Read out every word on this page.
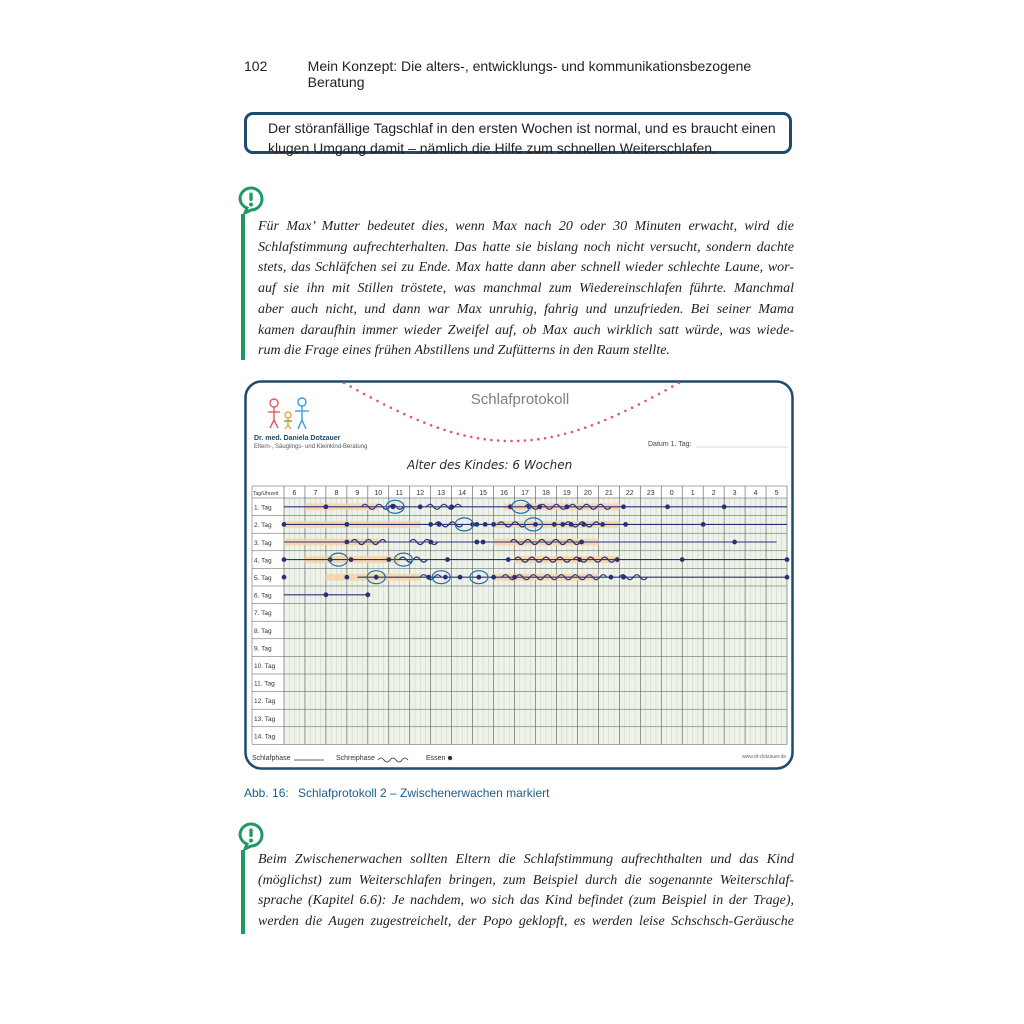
102	Mein Konzept: Die alters-, entwicklungs- und kommunikationsbezogene Beratung

Der störanfällige Tagschlaf in den ersten Wochen ist normal, und es braucht einen

klugen Umgang damit – nämlich die Hilfe zum schnellen Weiterschlafen.

Für Max’ Mutter bedeutet dies, wenn Max nach 20 oder 30 Minuten erwacht, wird die
Schlafstimmung aufrechterhalten. Das hatte sie bislang noch nicht versucht, sondern dachte
stets, das Schläfchen sei zu Ende. Max hatte dann aber schnell wieder schlechte Laune, wor-
auf sie ihn mit Stillen tröstete, was manchmal zum Wiedereinschlafen führte. Manchmal
aber auch nicht, und dann war Max unruhig, fahrig und unzufrieden. Bei seiner Mama
kamen daraufhin immer wieder Zweifel auf, ob Max auch wirklich satt würde, was wiede-
rum die Frage eines frühen Abstillens und Zufütterns in den Raum stellte.
Schlafprotokoll
Dr. med. Daniela Dotzauer
Eltern-, Säuglings- und Kleinkind-Beratung	Datum 1. Tag:
Alter des Kindes: 6 Wochen
Tag/Uhrzeit 6 7 8 9 10 11 12 13 14 15 16 17 18 19 20 21 22 23 0 1 2 3 4 5
1. Tag
2. Tag
3. Tag
4. Tag
5. Tag
6. Tag
7. Tag
8. Tag
9. Tag
10. Tag
11. Tag
12. Tag
13. Tag
14. Tag
Schlafphase	Schreiphase	Essen	www.dr-dotzauer.de
Abb. 16: Schlafprotokoll 2 – Zwischenerwachen markiert
Beim Zwischenerwachen sollten Eltern die Schlafstimmung aufrechthalten und das Kind
(möglichst) zum Weiterschlafen bringen, zum Beispiel durch die sogenannte Weiterschlaf-
sprache (Kapitel 6.6): Je nachdem, wo sich das Kind befindet (zum Beispiel in der Trage),
werden die Augen zugestreichelt, der Popo geklopft, es werden leise Schschsch-Geräusche
